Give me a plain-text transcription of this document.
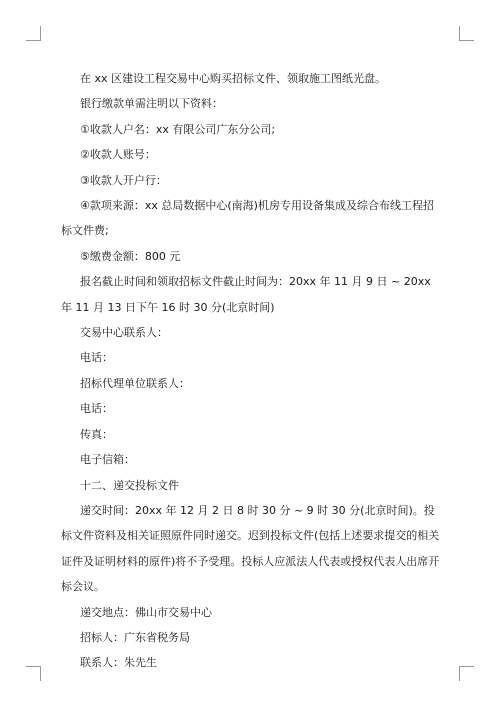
在 xx 区建设工程交易中心购买招标文件、领取施工图纸光盘。

银行缴款单需注明以下资料：

①收款人户名：xx 有限公司广东分公司;

②收款人账号：

③收款人开户行：

④款项来源：xx 总局数据中心(南海)机房专用设备集成及综合布线工程招标文件费;

⑤缴费金额：800 元

报名截止时间和领取招标文件截止时间为：20xx 年 11 月 9 日 ~ 20xx 年 11 月 13 日下午 16 时 30 分(北京时间)

交易中心联系人：

电话：

招标代理单位联系人：

电话：

传真：

电子信箱：

十二、递交投标文件

递交时间：20xx 年 12 月 2 日 8 时 30 分 ~ 9 时 30 分(北京时间)。投标文件资料及相关证照原件同时递交。迟到投标文件(包括上述要求提交的相关证件及证明材料的原件)将不予受理。投标人应派法人代表或授权代表人出席开标会议。

递交地点：佛山市交易中心

招标人：广东省税务局

联系人：朱先生
